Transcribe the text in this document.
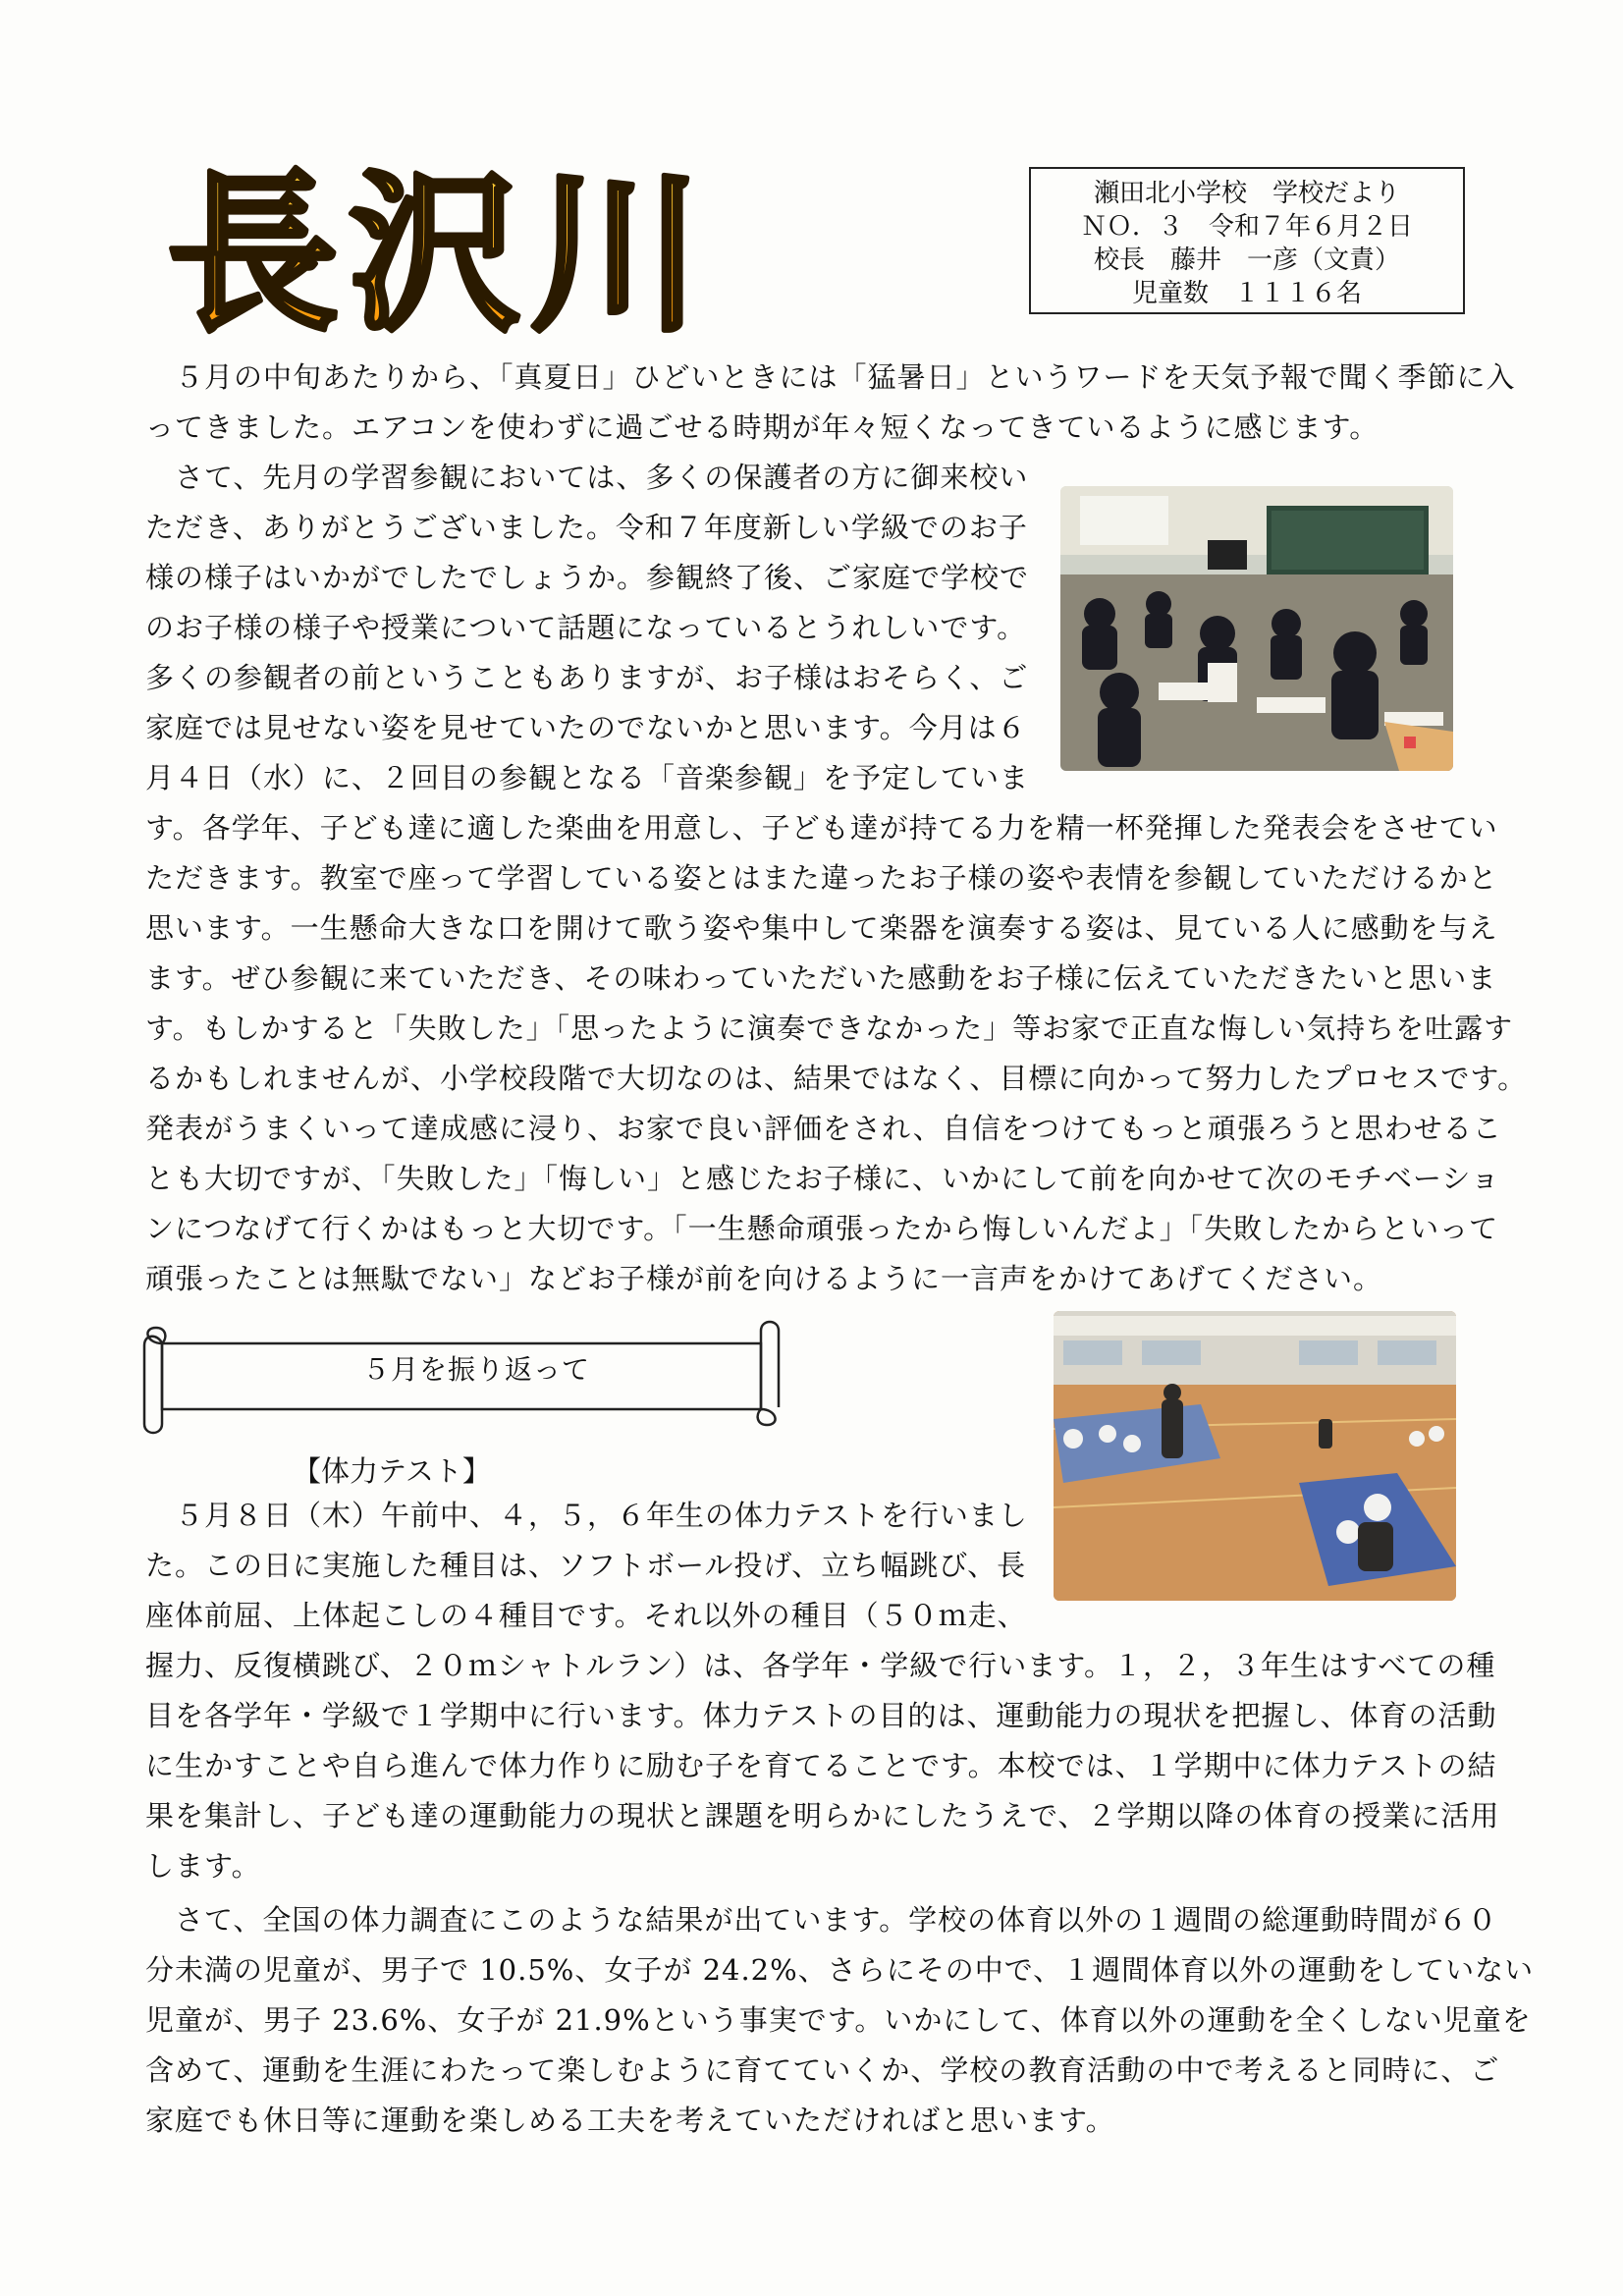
長沢川	瀬田北小学校　学校だより
ＮＯ．３　令和７年６月２日
校長　藤井　一彦（文責）
児童数　１１１６名
５月の中旬あたりから、「真夏日」ひどいときには「猛暑日」というワードを天気予報で聞く季節に入
ってきました。エアコンを使わずに過ごせる時期が年々短くなってきているように感じます。
さて、先月の学習参観においては、多くの保護者の方に御来校い
ただき、ありがとうございました。令和７年度新しい学級でのお子
様の様子はいかがでしたでしょうか。参観終了後、ご家庭で学校で
のお子様の様子や授業について話題になっているとうれしいです。
多くの参観者の前ということもありますが、お子様はおそらく、ご
家庭では見せない姿を見せていたのでないかと思います。今月は６
月４日（水）に、２回目の参観となる「音楽参観」を予定していま
す。各学年、子ども達に適した楽曲を用意し、子ども達が持てる力を精一杯発揮した発表会をさせてい
ただきます。教室で座って学習している姿とはまた違ったお子様の姿や表情を参観していただけるかと
思います。一生懸命大きな口を開けて歌う姿や集中して楽器を演奏する姿は、見ている人に感動を与え
ます。ぜひ参観に来ていただき、その味わっていただいた感動をお子様に伝えていただきたいと思いま
す。もしかすると「失敗した」「思ったように演奏できなかった」等お家で正直な悔しい気持ちを吐露す
るかもしれませんが、小学校段階で大切なのは、結果ではなく、目標に向かって努力したプロセスです。
発表がうまくいって達成感に浸り、お家で良い評価をされ、自信をつけてもっと頑張ろうと思わせるこ
とも大切ですが、「失敗した」「悔しい」と感じたお子様に、いかにして前を向かせて次のモチベーショ
ンにつなげて行くかはもっと大切です。「一生懸命頑張ったから悔しいんだよ」「失敗したからといって
頑張ったことは無駄でない」などお子様が前を向けるように一言声をかけてあげてください。
５月を振り返って
【体力テスト】
５月８日（木）午前中、４，５，６年生の体力テストを行いまし
た。この日に実施した種目は、ソフトボール投げ、立ち幅跳び、長
座体前屈、上体起こしの４種目です。それ以外の種目（５０ｍ走、
握力、反復横跳び、２０ｍシャトルラン）は、各学年・学級で行います。１，２，３年生はすべての種
目を各学年・学級で１学期中に行います。体力テストの目的は、運動能力の現状を把握し、体育の活動
に生かすことや自ら進んで体力作りに励む子を育てることです。本校では、１学期中に体力テストの結
果を集計し、子ども達の運動能力の現状と課題を明らかにしたうえで、２学期以降の体育の授業に活用
します。
さて、全国の体力調査にこのような結果が出ています。学校の体育以外の１週間の総運動時間が６０
分未満の児童が、男子で 10.5%、女子が 24.2%、さらにその中で、１週間体育以外の運動をしていない
児童が、男子 23.6%、女子が 21.9%という事実です。いかにして、体育以外の運動を全くしない児童を
含めて、運動を生涯にわたって楽しむように育てていくか、学校の教育活動の中で考えると同時に、ご
家庭でも休日等に運動を楽しめる工夫を考えていただければと思います。
